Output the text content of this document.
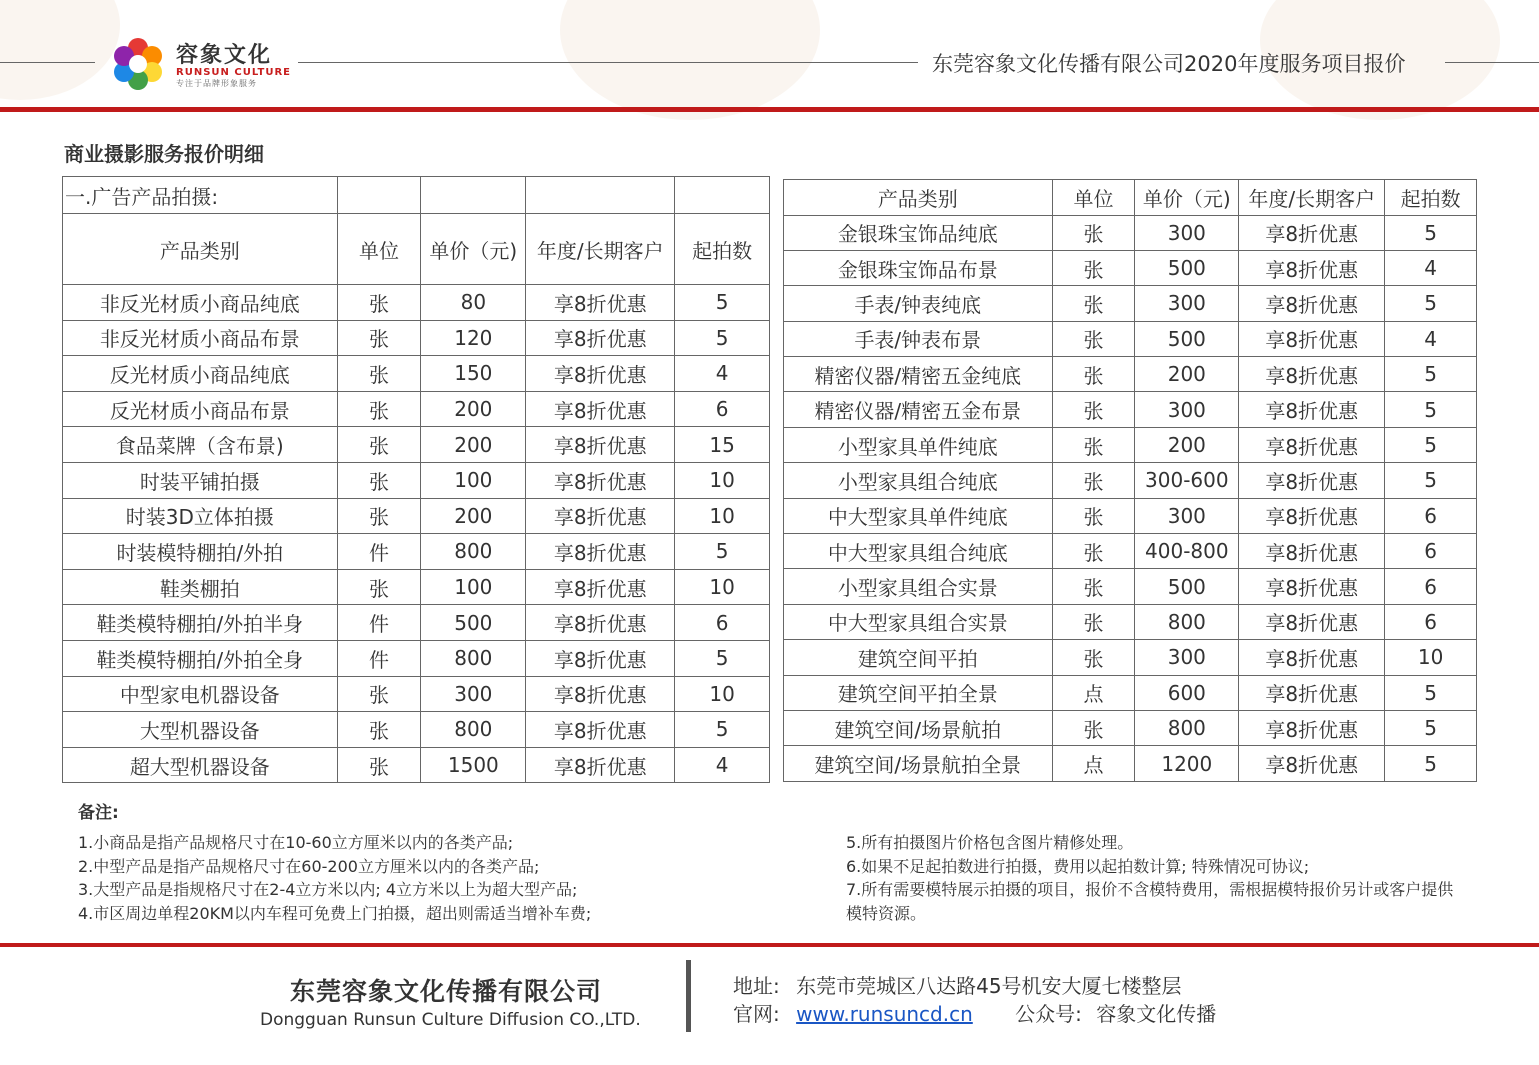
容象文化
RUNSUN CULTURE
专注于品牌形象服务
东莞容象文化传播有限公司2020年度服务项目报价
商业摄影服务报价明细
一.广告产品拍摄:				
产品类别	单位	单价（元)	年度/长期客户	起拍数
非反光材质小商品纯底	张	80	享8折优惠	5
非反光材质小商品布景	张	120	享8折优惠	5
反光材质小商品纯底	张	150	享8折优惠	4
反光材质小商品布景	张	200	享8折优惠	6
食品菜牌（含布景)	张	200	享8折优惠	15
时装平铺拍摄	张	100	享8折优惠	10
时装3D立体拍摄	张	200	享8折优惠	10
时装模特棚拍/外拍	件	800	享8折优惠	5
鞋类棚拍	张	100	享8折优惠	10
鞋类模特棚拍/外拍半身	件	500	享8折优惠	6
鞋类模特棚拍/外拍全身	件	800	享8折优惠	5
中型家电机器设备	张	300	享8折优惠	10
大型机器设备	张	800	享8折优惠	5
超大型机器设备	张	1500	享8折优惠	4
产品类别	单位	单价（元)	年度/长期客户	起拍数
金银珠宝饰品纯底	张	300	享8折优惠	5
金银珠宝饰品布景	张	500	享8折优惠	4
手表/钟表纯底	张	300	享8折优惠	5
手表/钟表布景	张	500	享8折优惠	4
精密仪器/精密五金纯底	张	200	享8折优惠	5
精密仪器/精密五金布景	张	300	享8折优惠	5
小型家具单件纯底	张	200	享8折优惠	5
小型家具组合纯底	张	300-600	享8折优惠	5
中大型家具单件纯底	张	300	享8折优惠	6
中大型家具组合纯底	张	400-800	享8折优惠	6
小型家具组合实景	张	500	享8折优惠	6
中大型家具组合实景	张	800	享8折优惠	6
建筑空间平拍	张	300	享8折优惠	10
建筑空间平拍全景	点	600	享8折优惠	5
建筑空间/场景航拍	张	800	享8折优惠	5
建筑空间/场景航拍全景	点	1200	享8折优惠	5
备注:
1.小商品是指产品规格尺寸在10-60立方厘米以内的各类产品;
2.中型产品是指产品规格尺寸在60-200立方厘米以内的各类产品;
3.大型产品是指规格尺寸在2-4立方米以内; 4立方米以上为超大型产品;
4.市区周边单程20KM以内车程可免费上门拍摄，超出则需适当增补车费;
5.所有拍摄图片价格包含图片精修处理。
6.如果不足起拍数进行拍摄，费用以起拍数计算; 特殊情况可协议;
7.所有需要模特展示拍摄的项目，报价不含模特费用，需根据模特报价另计或客户提供模特资源。
东莞容象文化传播有限公司
Dongguan Runsun Culture Diffusion CO.,LTD.
地址: 东莞市莞城区八达路45号机安大厦七楼整层
官网: www.runsuncd.cn 公众号: 容象文化传播
